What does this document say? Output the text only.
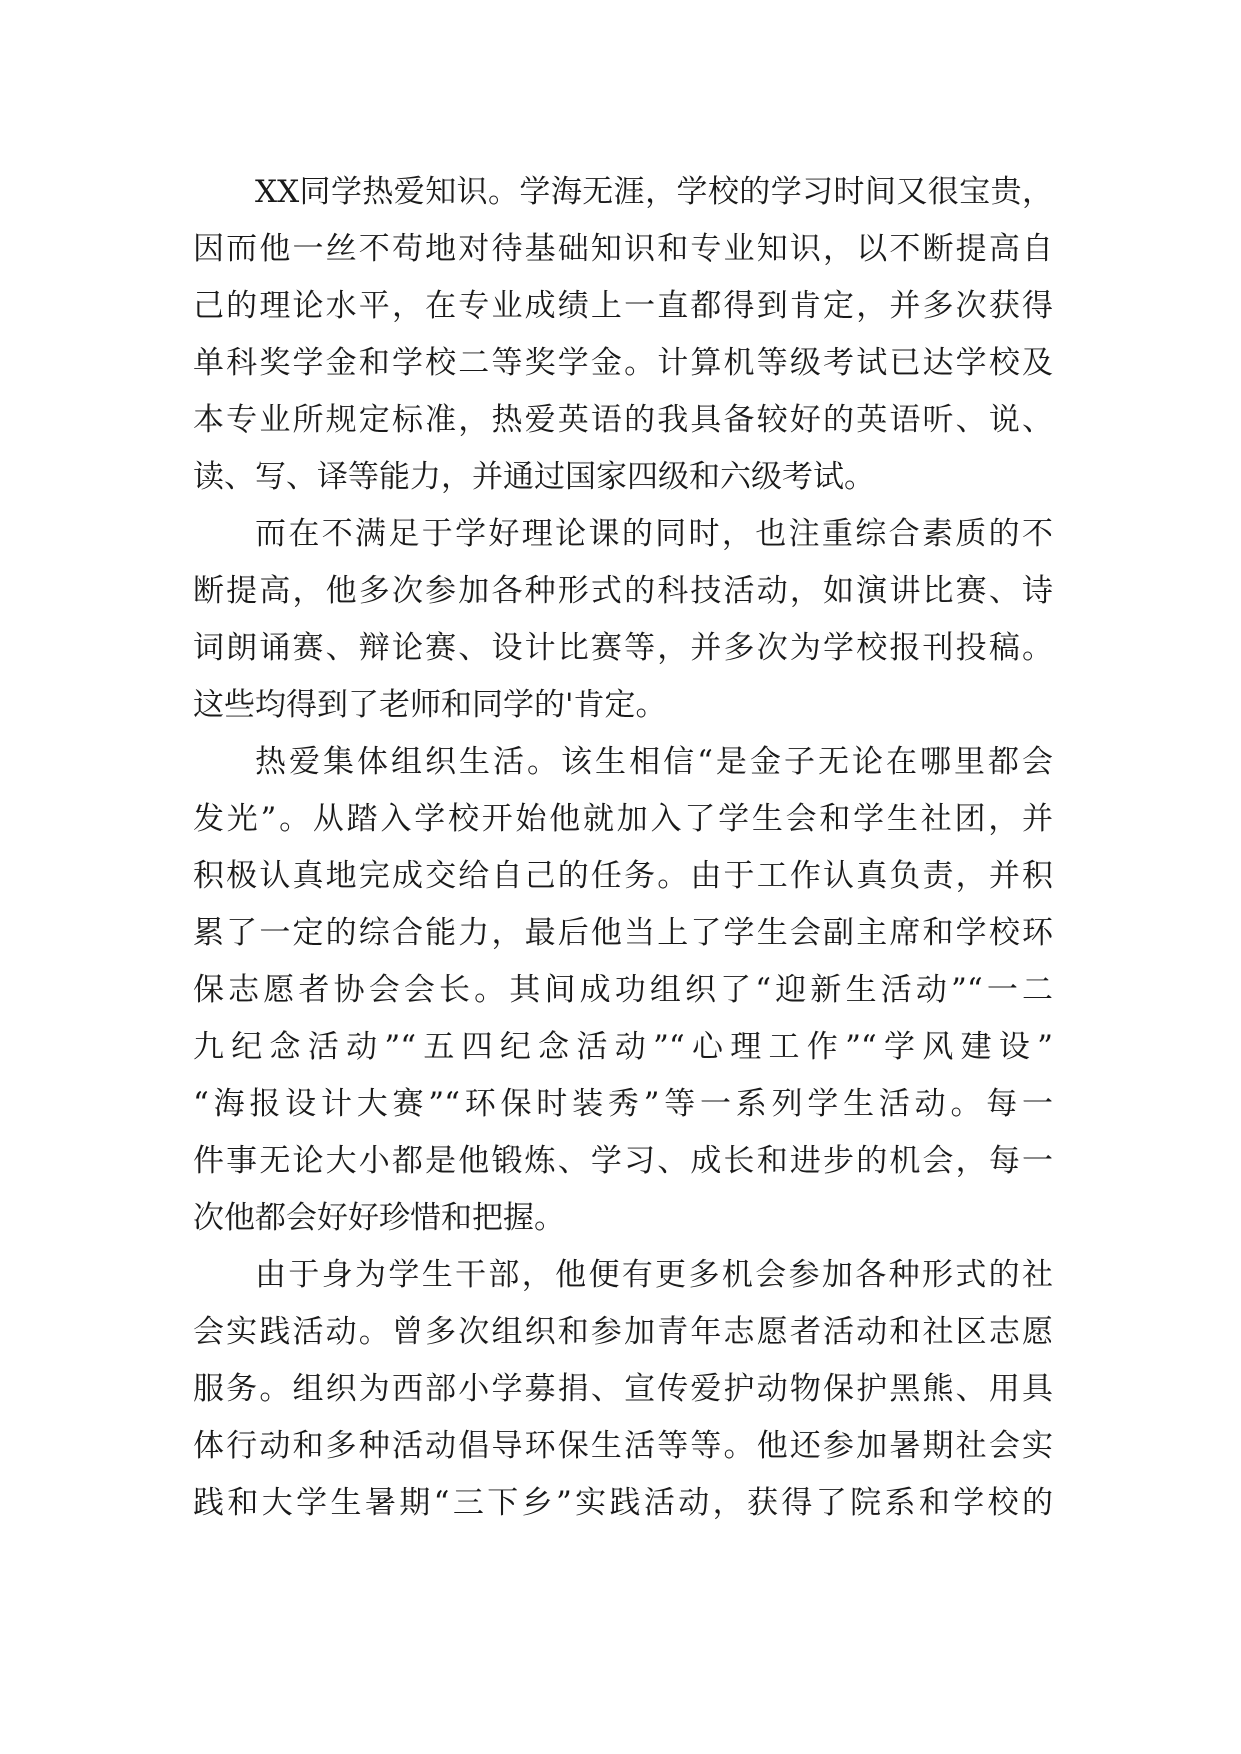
XX同学热爱知识。学海无涯，学校的学习时间又很宝贵，
因而他一丝不苟地对待基础知识和专业知识，以不断提高自
己的理论水平，在专业成绩上一直都得到肯定，并多次获得
单科奖学金和学校二等奖学金。计算机等级考试已达学校及
本专业所规定标准，热爱英语的我具备较好的英语听、说、
读、写、译等能力，并通过国家四级和六级考试。
而在不满足于学好理论课的同时，也注重综合素质的不
断提高，他多次参加各种形式的科技活动，如演讲比赛、诗
词朗诵赛、辩论赛、设计比赛等，并多次为学校报刊投稿。
这些均得到了老师和同学的'肯定。
热爱集体组织生活。该生相信“是金子无论在哪里都会
发光”。从踏入学校开始他就加入了学生会和学生社团，并
积极认真地完成交给自己的任务。由于工作认真负责，并积
累了一定的综合能力，最后他当上了学生会副主席和学校环
保志愿者协会会长。其间成功组织了“迎新生活动”“一二
九纪念活动”“五四纪念活动”“心理工作”“学风建设”
“海报设计大赛”“环保时装秀”等一系列学生活动。每一
件事无论大小都是他锻炼、学习、成长和进步的机会，每一
次他都会好好珍惜和把握。
由于身为学生干部，他便有更多机会参加各种形式的社
会实践活动。曾多次组织和参加青年志愿者活动和社区志愿
服务。组织为西部小学募捐、宣传爱护动物保护黑熊、用具
体行动和多种活动倡导环保生活等等。他还参加暑期社会实
践和大学生暑期“三下乡”实践活动，获得了院系和学校的
